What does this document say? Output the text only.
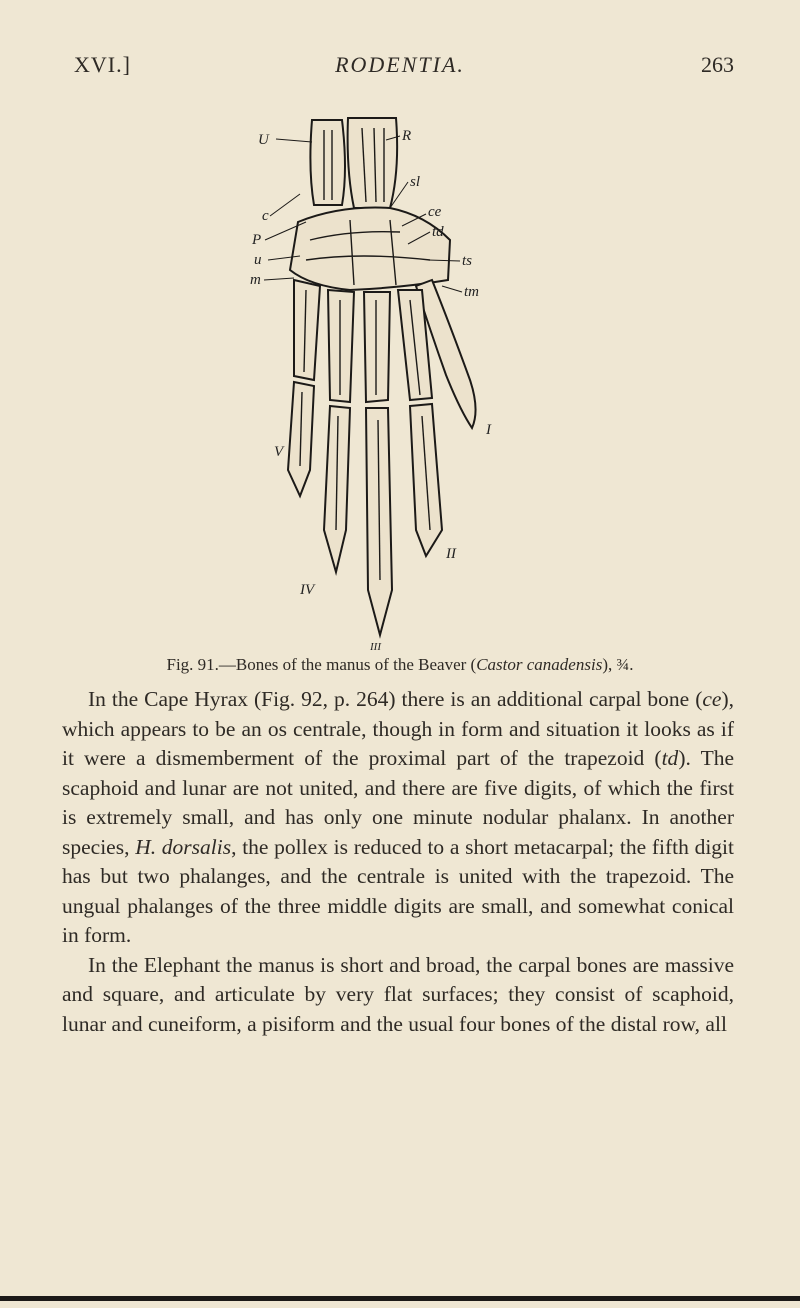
RODENTIA.
XVI.]	263
U	R
c
P
u
m
sl
ce
td
ts
tm
V
I
IV
II
III
Fig. 91.—Bones of the manus of the Beaver (Castor canadensis), ¾.

In the Cape Hyrax (Fig. 92, p. 264) there is an additional carpal bone (ce), which appears to be an os centrale, though in form and situation it looks as if it were a dismemberment of the proximal part of the trapezoid (td). The scaphoid and lunar are not united, and there are five digits, of which the first is extremely small, and has only one minute nodular phalanx. In another species, H. dorsalis, the pollex is reduced to a short metacarpal; the fifth digit has but two phalanges, and the centrale is united with the trapezoid. The ungual phalanges of the three middle digits are small, and somewhat conical in form.

In the Elephant the manus is short and broad, the carpal bones are massive and square, and articulate by very flat surfaces; they consist of scaphoid, lunar and cuneiform, a pisiform and the usual four bones of the distal row, all
